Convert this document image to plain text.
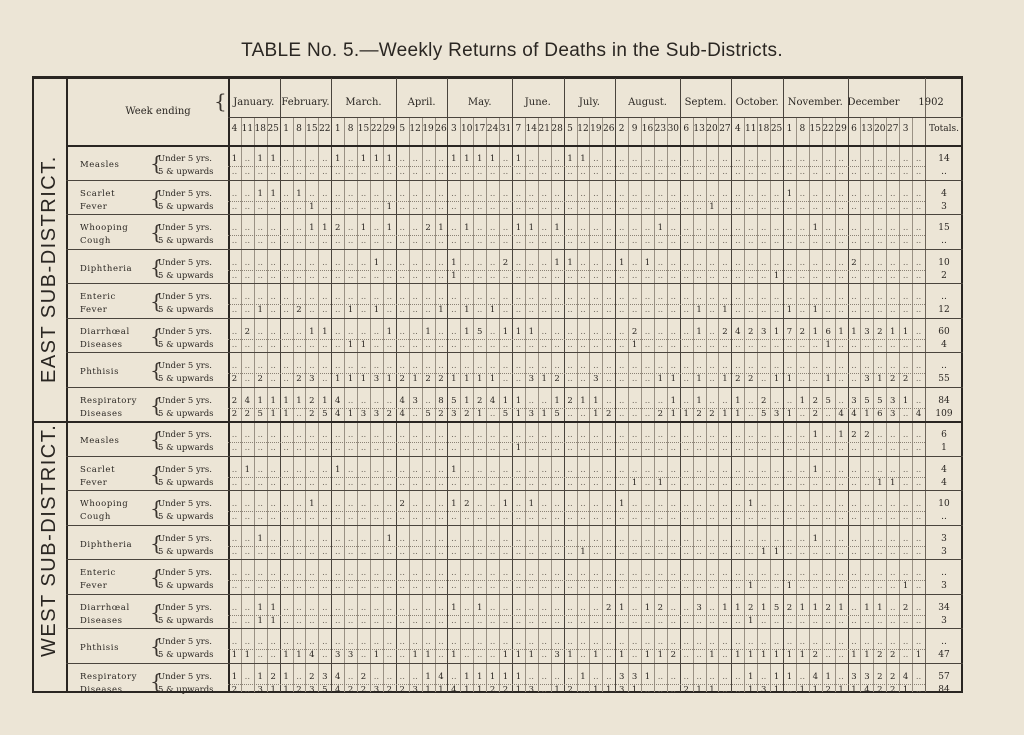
TABLE No. 5.—Weekly Returns of Deaths in the Sub-Districts.
Week ending	{ January. February.	March.	April.	May.	June.	July.	August.	Septem. October. November. December	1902
4 11 18 25 1 8 15 22 1 8 15 22 29 5 12 19 26 3 10 17 24 31 7 14 21 28 5 12 19 26 2 9 16 23 30 6 13 20 27 4 11 18 25 1 8 15 22 29 6 13 20 27 3	Totals.
EAST SUB-DISTRICT. Measles {
Under 5 yrs.	1 .. 1 1 .. .. .. .. 1 .. 1 1 1 .. .. .. .. 1 1 1 1 .. 1 .. .. .. 1 1 .. .. .. .. .. .. .. .. .. .. .. .. .. .. .. .. .. .. .. .. .. .. .. .. .. ..	14
5 & upwards	.. .. .. .. .. .. .. .. .. .. .. .. .. .. .. .. .. .. .. .. .. .. .. .. .. .. .. .. .. .. .. .. .. .. .. .. .. .. .. .. .. .. .. .. .. .. .. .. .. .. .. .. .. ..	..
Scarlet
Fever {
Under 5 yrs.	.. .. 1 1 .. 1 .. .. .. .. .. .. .. .. .. .. .. .. .. .. .. .. .. .. .. .. .. .. .. .. .. .. .. .. .. .. .. .. .. .. .. .. .. 1 .. .. .. .. .. .. .. .. .. ..	4
5 & upwards	.. .. .. .. .. .. 1 .. .. .. .. .. 1 .. .. .. .. .. .. .. .. .. .. .. .. .. .. .. .. .. .. .. .. .. .. .. .. 1 .. .. .. .. .. .. .. .. .. .. .. .. .. .. .. ..	3
Whooping
Cough {
Under 5 yrs.	.. .. .. .. .. .. 1 1 2 .. 1 .. 1 .. .. 2 1 .. 1 .. .. .. 1 1 .. 1 .. .. .. .. .. .. .. 1 .. .. .. .. .. .. .. .. .. .. .. 1 .. .. .. .. .. .. .. ..	15
5 & upwards	.. .. .. .. .. .. .. .. .. .. .. .. .. .. .. .. .. .. .. .. .. .. .. .. .. .. .. .. .. .. .. .. .. .. .. .. .. .. .. .. .. .. .. .. .. .. .. .. .. .. .. .. .. ..	..
Diphtheria {
Under 5 yrs.	.. .. .. .. .. .. .. .. .. .. .. 1 .. .. .. .. .. 1 .. .. .. 2 .. .. .. 1 1 .. .. .. 1 .. 1 .. .. .. .. .. .. .. .. .. .. .. .. .. .. .. 2 .. .. .. .. ..	10
5 & upwards	.. .. .. .. .. .. .. .. .. .. .. .. .. .. .. .. .. 1 .. .. .. .. .. .. .. .. .. .. .. .. .. .. .. .. .. .. .. .. .. .. .. .. 1 .. .. .. .. .. .. .. .. .. .. ..	2
Enteric
Fever {
Under 5 yrs.	.. .. .. .. .. .. .. .. .. .. .. .. .. .. .. .. .. .. .. .. .. .. .. .. .. .. .. .. .. .. .. .. .. .. .. .. .. .. .. .. .. .. .. .. .. .. .. .. .. .. .. .. .. ..	..
5 & upwards	.. .. 1 .. .. 2 .. .. .. 1 .. 1 .. .. .. .. 1 .. 1 .. 1 .. .. .. .. .. .. .. .. .. .. .. .. .. .. .. 1 .. 1 .. .. .. .. 1 .. 1 .. .. .. .. .. .. .. ..	12
Diarrhœal
Diseases {
Under 5 yrs.	.. 2 .. .. .. .. 1 1 .. .. .. .. 1 .. .. 1 .. .. 1 5 .. 1 1 1 .. .. .. .. .. .. .. 2 .. .. .. .. 1 .. 2 4 2 3 1 7 2 1 6 1 1 3 2 1 1 ..	60
5 & upwards	.. .. .. .. .. .. .. .. .. 1 1 .. .. .. .. .. .. .. .. .. .. .. .. .. .. .. .. .. .. .. .. 1 .. .. .. .. .. .. .. .. .. .. .. .. .. .. 1 .. .. .. .. .. .. ..	4
Phthisis {
Under 5 yrs.	.. .. .. .. .. .. .. .. .. .. .. .. .. .. .. .. .. .. .. .. .. .. .. .. .. .. .. .. .. .. .. .. .. .. .. .. .. .. .. .. .. .. .. .. .. .. .. .. .. .. .. .. .. ..	..
5 & upwards	2 .. 2 .. .. 2 3 .. 1 1 1 3 1 2 1 2 2 1 1 1 1 .. .. 3 1 2 .. .. 3 .. .. .. .. 1 1 .. 1 .. 1 2 2 .. 1 1 .. .. 1 .. .. 3 1 2 2 ..	55
Respiratory
Diseases {
Under 5 yrs.	2 4 1 1 1 1 2 1 4 .. .. .. .. 4 3 .. 8 5 1 2 4 1 1 .. .. 1 2 1 1 .. .. .. .. .. 1 .. 1 .. .. 1 .. 2 .. .. 1 2 5 .. 3 5 5 3 1 ..	84
5 & upwards	2 2 5 1 1 .. 2 5 4 1 3 3 2 4 .. 5 2 3 2 1 .. 5 1 3 1 5 .. .. 1 2 .. .. .. 2 1 1 2 2 1 1 .. 5 3 1 .. 2 .. 4 4 1 6 3 .. 4	109
WEST SUB-DISTRICT. Measles {
Under 5 yrs.	.. .. .. .. .. .. .. .. .. .. .. .. .. .. .. .. .. .. .. .. .. .. .. .. .. .. .. .. .. .. .. .. .. .. .. .. .. .. .. .. .. .. .. .. .. 1 .. 1 2 2 .. .. .. ..	6
5 & upwards	.. .. .. .. .. .. .. .. .. .. .. .. .. .. .. .. .. .. .. .. .. .. 1 .. .. .. .. .. .. .. .. .. .. .. .. .. .. .. .. .. .. .. .. .. .. .. .. .. .. .. .. .. .. ..	1
Scarlet
Fever {
Under 5 yrs.	.. 1 .. .. .. .. .. .. 1 .. .. .. .. .. .. .. .. 1 .. .. .. .. .. .. .. .. .. .. .. .. .. .. .. .. .. .. .. .. .. .. .. .. .. .. .. 1 .. .. .. .. .. .. .. ..	4
5 & upwards	.. .. .. .. .. .. .. .. .. .. .. .. .. .. .. .. .. .. .. .. .. .. .. .. .. .. .. .. .. .. .. 1 .. 1 .. .. .. .. .. .. .. .. .. .. .. .. .. .. .. .. 1 1 .. ..	4
Whooping
Cough {
Under 5 yrs.	.. .. .. .. .. .. 1 .. .. .. .. .. .. 2 .. .. .. 1 2 .. .. 1 .. 1 .. .. .. .. .. .. 1 .. .. .. .. .. .. .. .. .. 1 .. .. .. .. .. .. .. .. .. .. .. .. ..	10
5 & upwards	.. .. .. .. .. .. .. .. .. .. .. .. .. .. .. .. .. .. .. .. .. .. .. .. .. .. .. .. .. .. .. .. .. .. .. .. .. .. .. .. .. .. .. .. .. .. .. .. .. .. .. .. .. ..	..
Diphtheria {
Under 5 yrs.	.. .. 1 .. .. .. .. .. .. .. .. .. 1 .. .. .. .. .. .. .. .. .. .. .. .. .. .. .. .. .. .. .. .. .. .. .. .. .. .. .. .. .. .. .. .. 1 .. .. .. .. .. .. .. ..	3
5 & upwards	.. .. .. .. .. .. .. .. .. .. .. .. .. .. .. .. .. .. .. .. .. .. .. .. .. .. .. 1 .. .. .. .. .. .. .. .. .. .. .. .. .. 1 1 .. .. .. .. .. .. .. .. .. .. ..	3
Enteric
Fever {
Under 5 yrs.	.. .. .. .. .. .. .. .. .. .. .. .. .. .. .. .. .. .. .. .. .. .. .. .. .. .. .. .. .. .. .. .. .. .. .. .. .. .. .. .. .. .. .. .. .. .. .. .. .. .. .. .. .. ..	..
5 & upwards	.. .. .. .. .. .. .. .. .. .. .. .. .. .. .. .. .. .. .. .. .. .. .. .. .. .. .. .. .. .. .. .. .. .. .. .. .. .. .. .. 1 .. .. 1 .. .. .. .. .. .. .. .. 1 ..	3
Diarrhœal
Diseases {
Under 5 yrs.	.. .. 1 1 .. .. .. .. .. .. .. .. .. .. .. .. .. 1 .. 1 .. .. .. .. .. .. .. .. .. 2 1 .. 1 2 .. .. 3 .. 1 1 2 1 5 2 1 1 2 1 .. 1 1 .. 2 ..	34
5 & upwards	.. .. 1 1 .. .. .. .. .. .. .. .. .. .. .. .. .. .. .. .. .. .. .. .. .. .. .. .. .. .. .. .. .. .. .. .. .. .. .. .. 1 .. .. .. .. .. .. .. .. .. .. .. .. ..	3
Phthisis {
Under 5 yrs.	.. .. .. .. .. .. .. .. .. .. .. .. .. .. .. .. .. .. .. .. .. .. .. .. .. .. .. .. .. .. .. .. .. .. .. .. .. .. .. .. .. .. .. .. .. .. .. .. .. .. .. .. .. ..	..
5 & upwards	1 1 .. .. 1 1 4 .. 3 3 .. 1 .. .. 1 1 .. 1 .. .. .. 1 1 1 .. 3 1 .. 1 .. 1 .. 1 1 2 .. .. 1 .. 1 1 1 1 1 1 2 .. .. 1 1 2 2 .. 1	47
Respiratory
Diseases {
Under 5 yrs.	1 .. 1 2 1 .. 2 3 4 .. 2 .. .. .. .. 1 4 .. 1 1 1 1 1 .. .. .. .. 1 .. .. 3 3 1 .. .. .. .. .. .. .. 1 .. 1 1 .. 4 1 .. 3 3 2 2 4 ..	57
5 & upwards	2 .. 3 1 1 2 3 5 4 2 2 3 2 2 3 1 1 4 1 1 2 2 1 3 .. 1 2 .. 1 1 3 1 .. .. .. 2 1 1 .. .. 1 3 1 .. 1 1 2 1 1 4 2 2 1 ..	84
